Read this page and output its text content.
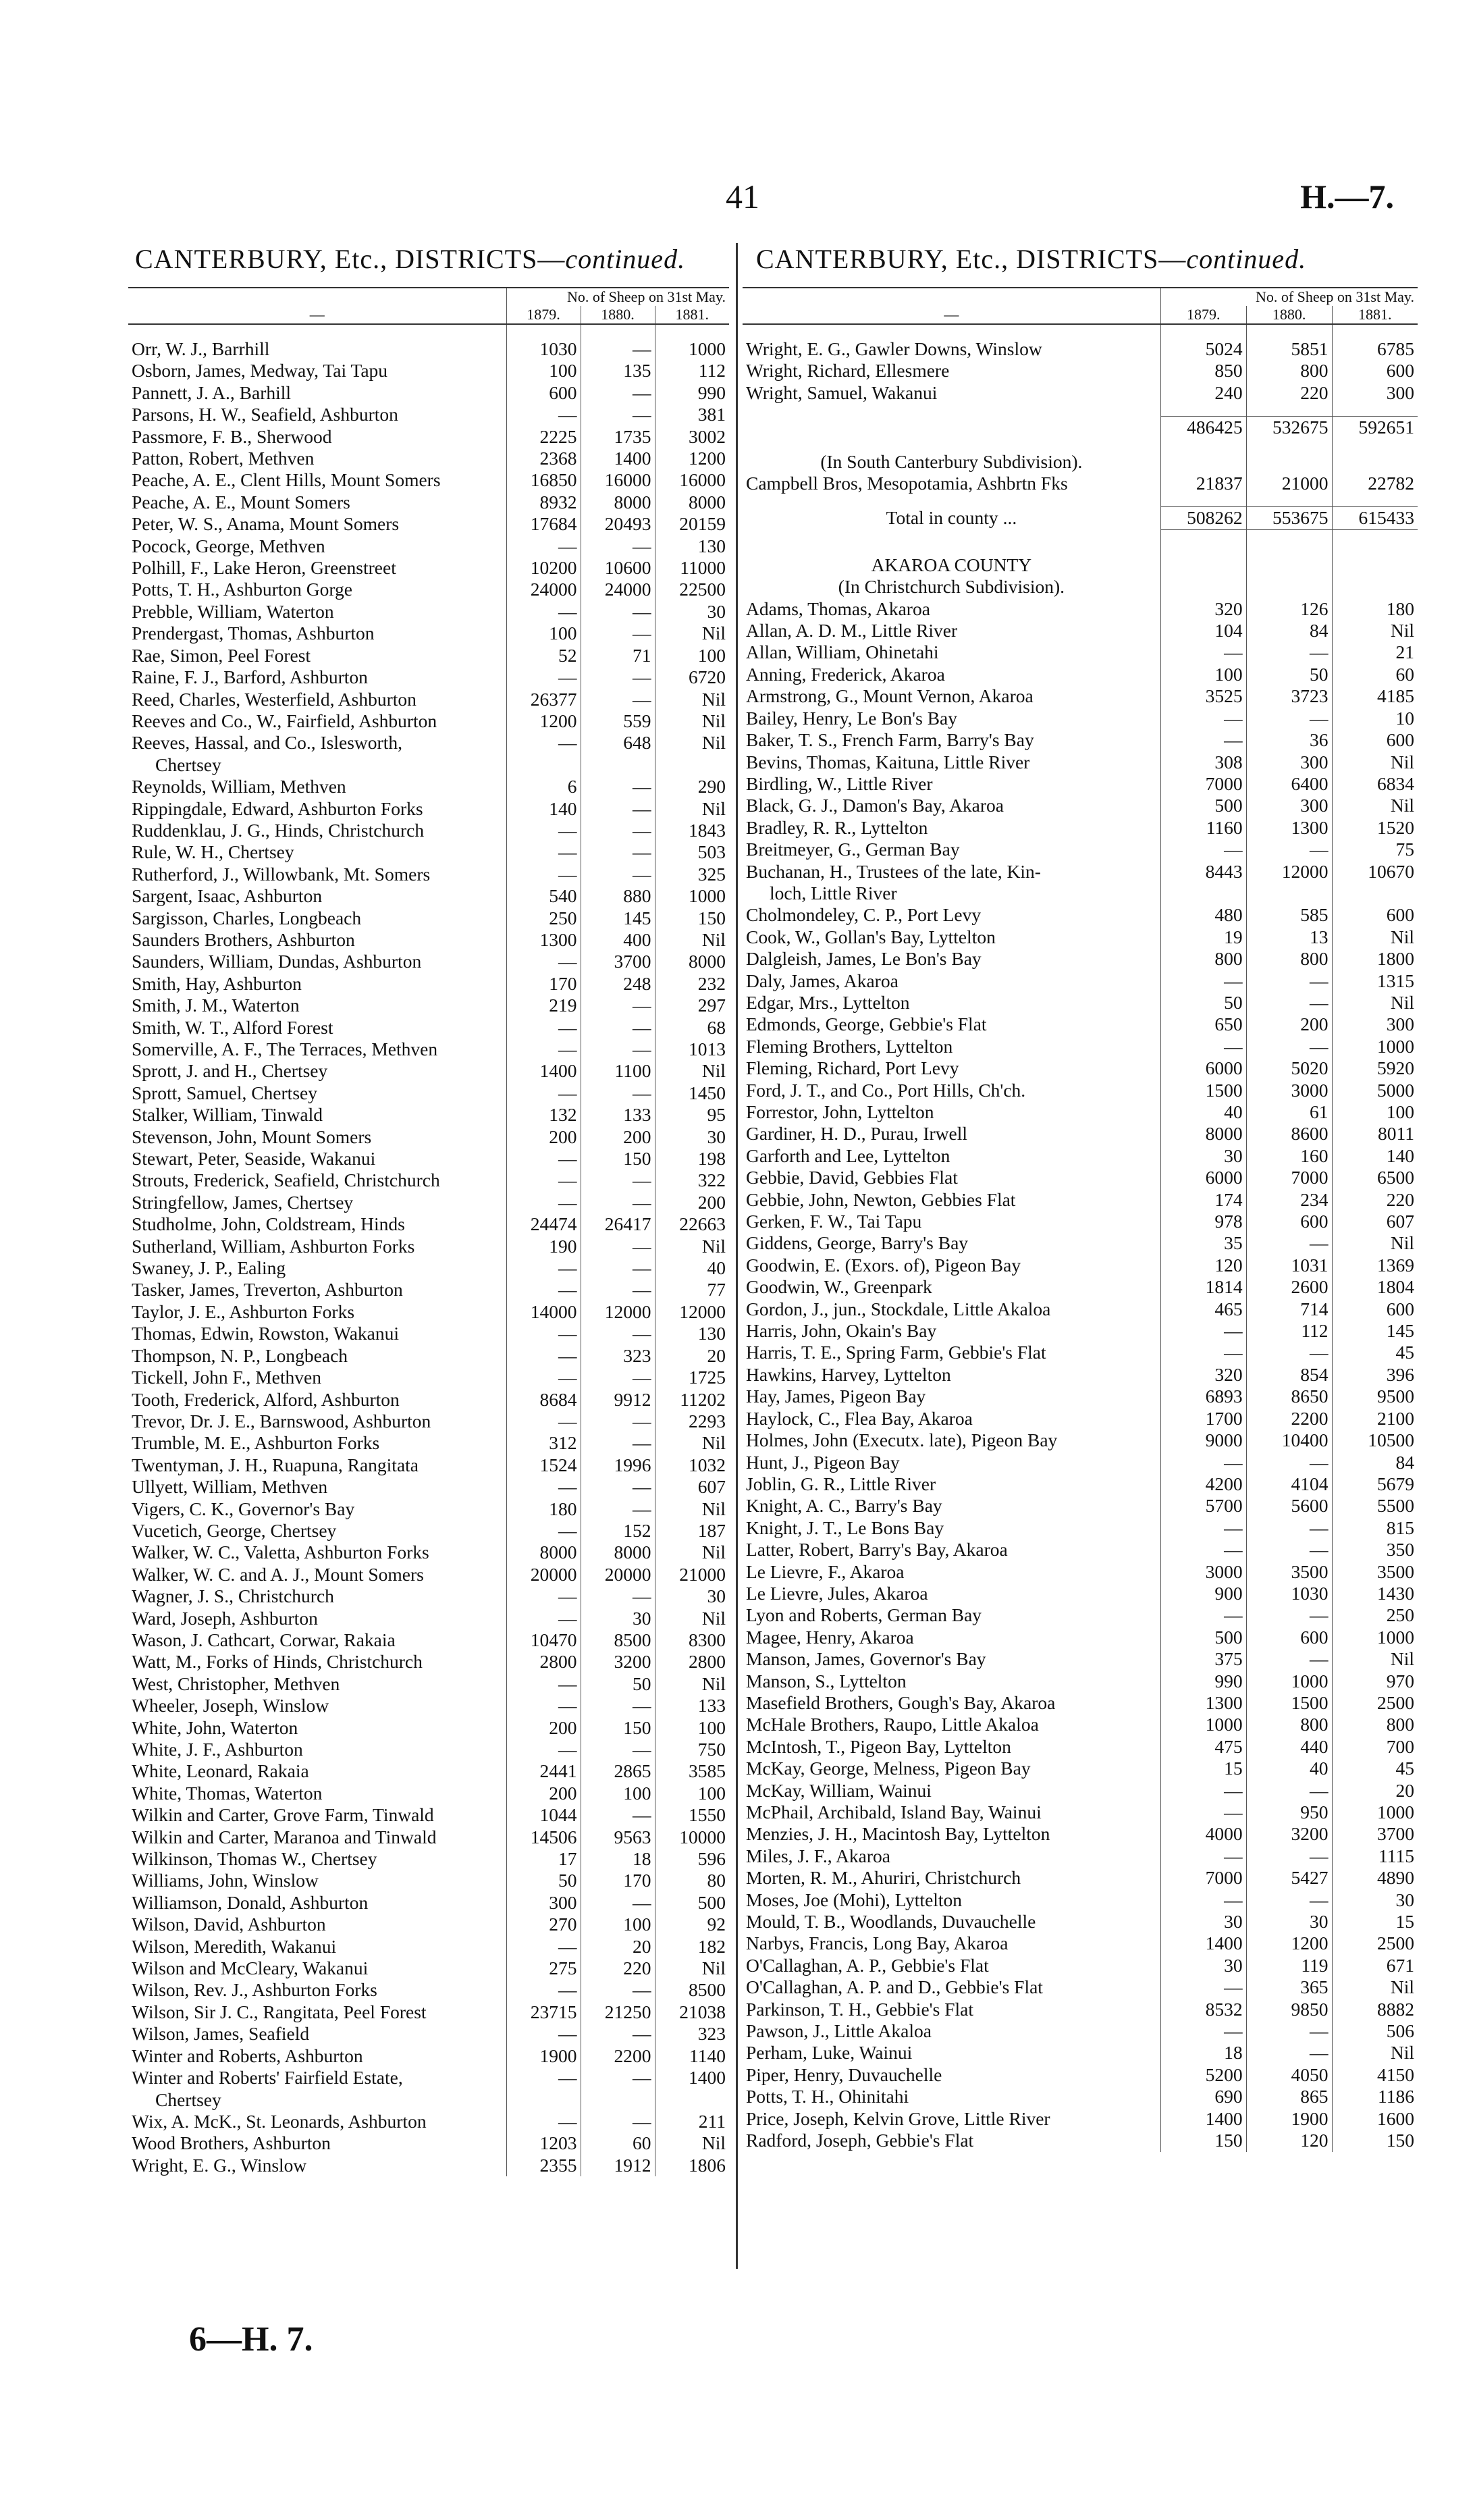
41	H.—7.
CANTERBURY, Etc., DISTRICTS—continued.	CANTERBURY, Etc., DISTRICTS—continued.
	No. of Sheep on 31st May.		
—	1879.	1880.	1881.

Orr, W. J., Barrhill	1030	—	1000
Osborn, James, Medway, Tai Tapu	100	135	112
Pannett, J. A., Barhill	600	—	990
Parsons, H. W., Seafield, Ashburton	—	—	381
Passmore, F. B., Sherwood	2225	1735	3002
Patton, Robert, Methven	2368	1400	1200
Peache, A. E., Clent Hills, Mount Somers	16850	16000	16000
Peache, A. E., Mount Somers	8932	8000	8000
Peter, W. S., Anama, Mount Somers	17684	20493	20159
Pocock, George, Methven	—	—	130
Polhill, F., Lake Heron, Greenstreet	10200	10600	11000
Potts, T. H., Ashburton Gorge	24000	24000	22500
Prebble, William, Waterton	—	—	30
Prendergast, Thomas, Ashburton	100	—	Nil
Rae, Simon, Peel Forest	52	71	100
Raine, F. J., Barford, Ashburton	—	—	6720
Reed, Charles, Westerfield, Ashburton	26377	—	Nil
Reeves and Co., W., Fairfield, Ashburton	1200	559	Nil
Reeves, Hassal, and Co., Islesworth,	—	648	Nil
Chertsey			
Reynolds, William, Methven	6	—	290
Rippingdale, Edward, Ashburton Forks	140	—	Nil
Ruddenklau, J. G., Hinds, Christchurch	—	—	1843
Rule, W. H., Chertsey	—	—	503
Rutherford, J., Willowbank, Mt. Somers	—	—	325
Sargent, Isaac, Ashburton	540	880	1000
Sargisson, Charles, Longbeach	250	145	150
Saunders Brothers, Ashburton	1300	400	Nil
Saunders, William, Dundas, Ashburton	—	3700	8000
Smith, Hay, Ashburton	170	248	232
Smith, J. M., Waterton	219	—	297
Smith, W. T., Alford Forest	—	—	68
Somerville, A. F., The Terraces, Methven	—	—	1013
Sprott, J. and H., Chertsey	1400	1100	Nil
Sprott, Samuel, Chertsey	—	—	1450
Stalker, William, Tinwald	132	133	95
Stevenson, John, Mount Somers	200	200	30
Stewart, Peter, Seaside, Wakanui	—	150	198
Strouts, Frederick, Seafield, Christchurch	—	—	322
Stringfellow, James, Chertsey	—	—	200
Studholme, John, Coldstream, Hinds	24474	26417	22663
Sutherland, William, Ashburton Forks	190	—	Nil
Swaney, J. P., Ealing	—	—	40
Tasker, James, Treverton, Ashburton	—	—	77
Taylor, J. E., Ashburton Forks	14000	12000	12000
Thomas, Edwin, Rowston, Wakanui	—	—	130
Thompson, N. P., Longbeach	—	323	20
Tickell, John F., Methven	—	—	1725
Tooth, Frederick, Alford, Ashburton	8684	9912	11202
Trevor, Dr. J. E., Barnswood, Ashburton	—	—	2293
Trumble, M. E., Ashburton Forks	312	—	Nil
Twentyman, J. H., Ruapuna, Rangitata	1524	1996	1032
Ullyett, William, Methven	—	—	607
Vigers, C. K., Governor's Bay	180	—	Nil
Vucetich, George, Chertsey	—	152	187
Walker, W. C., Valetta, Ashburton Forks	8000	8000	Nil
Walker, W. C. and A. J., Mount Somers	20000	20000	21000
Wagner, J. S., Christchurch	—	—	30
Ward, Joseph, Ashburton	—	30	Nil
Wason, J. Cathcart, Corwar, Rakaia	10470	8500	8300
Watt, M., Forks of Hinds, Christchurch	2800	3200	2800
West, Christopher, Methven	—	50	Nil
Wheeler, Joseph, Winslow	—	—	133
White, John, Waterton	200	150	100
White, J. F., Ashburton	—	—	750
White, Leonard, Rakaia	2441	2865	3585
White, Thomas, Waterton	200	100	100
Wilkin and Carter, Grove Farm, Tinwald	1044	—	1550
Wilkin and Carter, Maranoa and Tinwald	14506	9563	10000
Wilkinson, Thomas W., Chertsey	17	18	596
Williams, John, Winslow	50	170	80
Williamson, Donald, Ashburton	300	—	500
Wilson, David, Ashburton	270	100	92
Wilson, Meredith, Wakanui	—	20	182
Wilson and McCleary, Wakanui	275	220	Nil
Wilson, Rev. J., Ashburton Forks	—	—	8500
Wilson, Sir J. C., Rangitata, Peel Forest	23715	21250	21038
Wilson, James, Seafield	—	—	323
Winter and Roberts, Ashburton	1900	2200	1140
Winter and Roberts' Fairfield Estate,	—	—	1400
Chertsey			
Wix, A. McK., St. Leonards, Ashburton	—	—	211
Wood Brothers, Ashburton	1203	60	Nil
Wright, E. G., Winslow	2355	1912	1806
	No. of Sheep on 31st May.		
—	1879.	1880.	1881.

Wright, E. G., Gawler Downs, Winslow	5024	5851	6785
Wright, Richard, Ellesmere	850	800	600
Wright, Samuel, Wakanui	240	220	300

	486425	532675	592651

(In South Canterbury Subdivision).			
Campbell Bros, Mesopotamia, Ashbrtn Fks	21837	21000	22782

Total in county ...	508262	553675	615433

AKAROA COUNTY			
(In Christchurch Subdivision).			
Adams, Thomas, Akaroa	320	126	180
Allan, A. D. M., Little River	104	84	Nil
Allan, William, Ohinetahi	—	—	21
Anning, Frederick, Akaroa	100	50	60
Armstrong, G., Mount Vernon, Akaroa	3525	3723	4185
Bailey, Henry, Le Bon's Bay	—	—	10
Baker, T. S., French Farm, Barry's Bay	—	36	600
Bevins, Thomas, Kaituna, Little River	308	300	Nil
Birdling, W., Little River	7000	6400	6834
Black, G. J., Damon's Bay, Akaroa	500	300	Nil
Bradley, R. R., Lyttelton	1160	1300	1520
Breitmeyer, G., German Bay	—	—	75
Buchanan, H., Trustees of the late, Kin-	8443	12000	10670
loch, Little River			
Cholmondeley, C. P., Port Levy	480	585	600
Cook, W., Gollan's Bay, Lyttelton	19	13	Nil
Dalgleish, James, Le Bon's Bay	800	800	1800
Daly, James, Akaroa	—	—	1315
Edgar, Mrs., Lyttelton	50	—	Nil
Edmonds, George, Gebbie's Flat	650	200	300
Fleming Brothers, Lyttelton	—	—	1000
Fleming, Richard, Port Levy	6000	5020	5920
Ford, J. T., and Co., Port Hills, Ch'ch.	1500	3000	5000
Forrestor, John, Lyttelton	40	61	100
Gardiner, H. D., Purau, Irwell	8000	8600	8011
Garforth and Lee, Lyttelton	30	160	140
Gebbie, David, Gebbies Flat	6000	7000	6500
Gebbie, John, Newton, Gebbies Flat	174	234	220
Gerken, F. W., Tai Tapu	978	600	607
Giddens, George, Barry's Bay	35	—	Nil
Goodwin, E. (Exors. of), Pigeon Bay	120	1031	1369
Goodwin, W., Greenpark	1814	2600	1804
Gordon, J., jun., Stockdale, Little Akaloa	465	714	600
Harris, John, Okain's Bay	—	112	145
Harris, T. E., Spring Farm, Gebbie's Flat	—	—	45
Hawkins, Harvey, Lyttelton	320	854	396
Hay, James, Pigeon Bay	6893	8650	9500
Haylock, C., Flea Bay, Akaroa	1700	2200	2100
Holmes, John (Executx. late), Pigeon Bay	9000	10400	10500
Hunt, J., Pigeon Bay	—	—	84
Joblin, G. R., Little River	4200	4104	5679
Knight, A. C., Barry's Bay	5700	5600	5500
Knight, J. T., Le Bons Bay	—	—	815
Latter, Robert, Barry's Bay, Akaroa	—	—	350
Le Lievre, F., Akaroa	3000	3500	3500
Le Lievre, Jules, Akaroa	900	1030	1430
Lyon and Roberts, German Bay	—	—	250
Magee, Henry, Akaroa	500	600	1000
Manson, James, Governor's Bay	375	—	Nil
Manson, S., Lyttelton	990	1000	970
Masefield Brothers, Gough's Bay, Akaroa	1300	1500	2500
McHale Brothers, Raupo, Little Akaloa	1000	800	800
McIntosh, T., Pigeon Bay, Lyttelton	475	440	700
McKay, George, Melness, Pigeon Bay	15	40	45
McKay, William, Wainui	—	—	20
McPhail, Archibald, Island Bay, Wainui	—	950	1000
Menzies, J. H., Macintosh Bay, Lyttelton	4000	3200	3700
Miles, J. F., Akaroa	—	—	1115
Morten, R. M., Ahuriri, Christchurch	7000	5427	4890
Moses, Joe (Mohi), Lyttelton	—	—	30
Mould, T. B., Woodlands, Duvauchelle	30	30	15
Narbys, Francis, Long Bay, Akaroa	1400	1200	2500
O'Callaghan, A. P., Gebbie's Flat	30	119	671
O'Callaghan, A. P. and D., Gebbie's Flat	—	365	Nil
Parkinson, T. H., Gebbie's Flat	8532	9850	8882
Pawson, J., Little Akaloa	—	—	506
Perham, Luke, Wainui	18	—	Nil
Piper, Henry, Duvauchelle	5200	4050	4150
Potts, T. H., Ohinitahi	690	865	1186
Price, Joseph, Kelvin Grove, Little River	1400	1900	1600
Radford, Joseph, Gebbie's Flat	150	120	150
6—H. 7.
